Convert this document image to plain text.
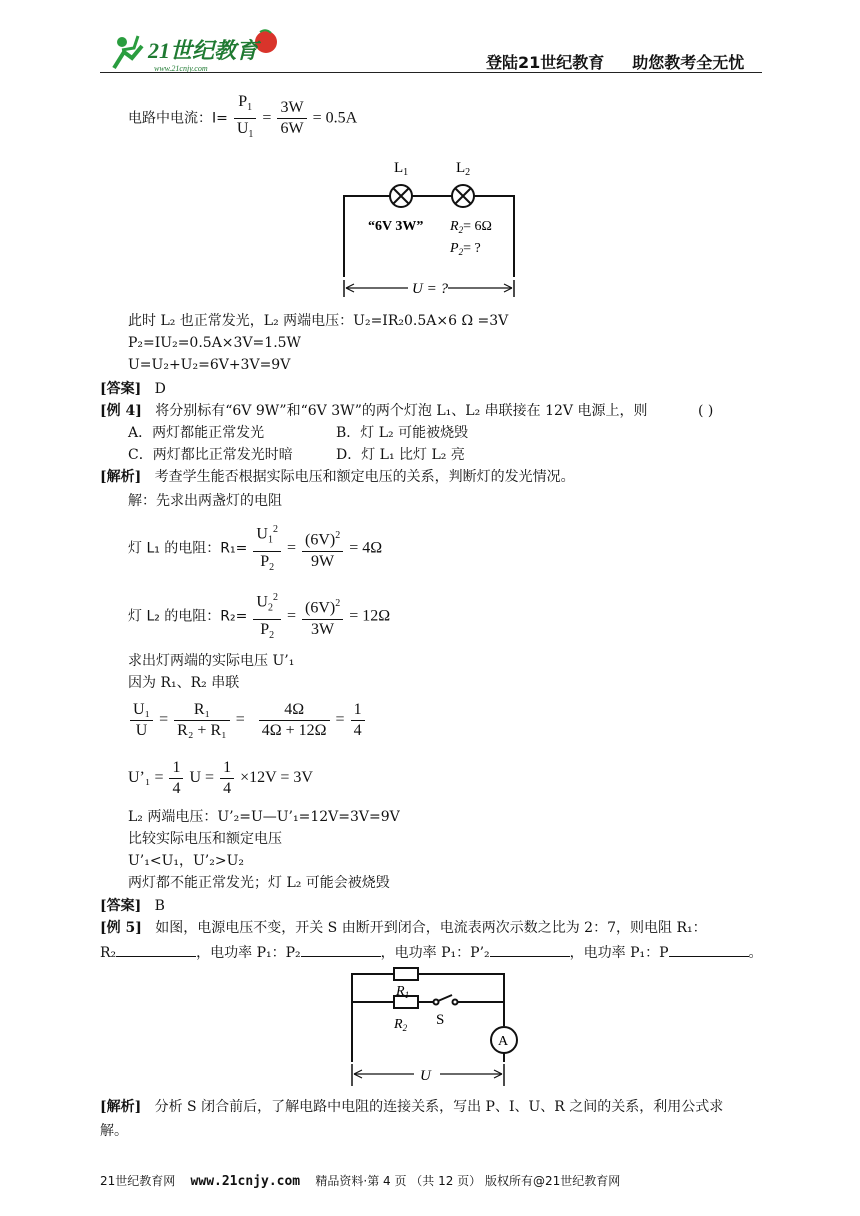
21世纪教育
www.21cnjy.com	登陆21世纪教育 助您教考全无忧
电路中电流：$I= \frac{P_1}{U_1} = \frac{3W}{6W} = 0.5A$
$L_1$	$L_2$
“6V 3W” $R_2= 6\Omega$
$P_2=$ ?
U = ?
此时 L₂ 也正常发光，L₂ 两端电压：U₂=IR₂0.5A×6 Ω =3V
P₂=IU₂=0.5A×3V=1.5W
U=U₂+U₂=6V+3V=9V
[答案] D
[例 4] 将分别标有“6V 9W”和“6V 3W”的两个灯泡 L₁、L₂ 串联接在 12V 电源上，则	( )
A．两灯都能正常发光	B．灯 L₂ 可能被烧毁
C．两灯都比正常发光时暗	D．灯 L₁ 比灯 L₂ 亮
[解析] 考查学生能否根据实际电压和额定电压的关系，判断灯的发光情况。
解：先求出两盏灯的电阻
灯 L₁ 的电阻：$R_1= \frac{U_1^2}{P_2} = \frac{(6V)^2}{9W} = 4\Omega$
灯 L₂ 的电阻：$R_2= \frac{U_2^2}{P_2} = \frac{(6V)^2}{3W} = 12\Omega$
求出灯两端的实际电压 U’₁
因为 R₁、R₂ 串联
$\frac{\text{U₁}}{U} = \frac{\text{R₁}}{\text{R₂ + R₁}} = \frac{4\Omega}{4\Omega + 12\Omega} = \frac{1}{4}$
U’₁ = $\frac{1}{4}$ $U = \frac{1}{4} \times 12V = 3V$
L₂ 两端电压：U’₂=U—U’₁=12V=3V=9V
比较实际电压和额定电压
U’₁<U₁，U’₂>U₂
两灯都不能正常发光；灯 L₂ 可能会被烧毁
[答案] B
[例 5] 如图，电源电压不变，开关 S 由断开到闭合，电流表两次示数之比为 2：7，则电阻 R₁：
R₂	，电功率 P₁：P₂	，电功率 P₁：P’₂	，电功率 P₁：P	。
$R_1$
$R_2$ S
A
U
[解析] 分析 S 闭合前后，了解电路中电阻的连接关系，写出 P、I、U、R 之间的关系，利用公式求
解。
21世纪教育网 www.21cnjy.com 精品资料·第 4 页 （共 12 页） 版权所有@21世纪教育网
